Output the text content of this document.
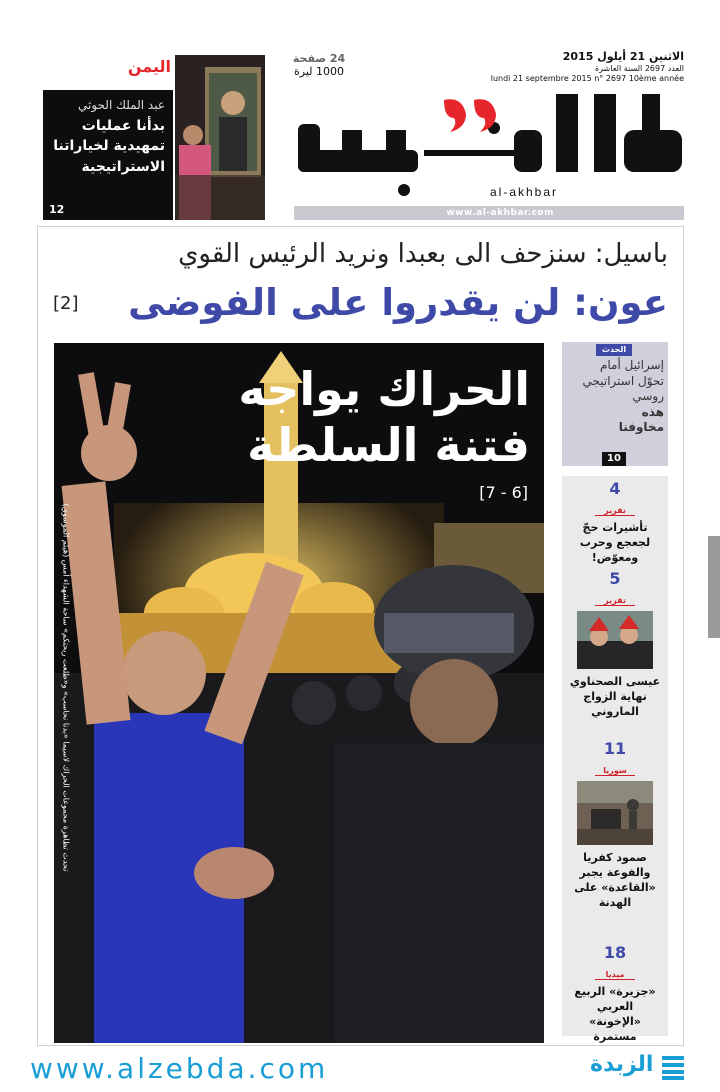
الاثنين 21 أيلول 2015
العدد 2697 السنة العاشرة
lundi 21 septembre 2015 n° 2697 10ème année
24 صفحة
1000 ليرة
al-akhbar
www.al-akhbar.com
اليمن
عبد الملك الحوثي
بدأنا عمليات
تمهيدية لخياراتنا
الاستراتيجية
12
باسيل: سنزحف الى بعبدا ونريد الرئيس القوي
عون: لن يقدروا على الفوضى
[2]
الحراك يواجه
فتنة السلطة
[7 - 6]
تحدث تظاهرة مجموعات الحراك لاسيما «بدنا نحاسب» و«طلعت ريحتكم» ساحة الشهداء أمس (هيثم الموسوي)
الحدث
إسرائيل أمام
تحوّل استراتيجي
روسي
هذه
مخاوفنا
10
4
تقرير
تأشيرات حجّ
لجعجع وحرب
ومعوّض!
5
تقرير
عيسى الصحناوي
نهاية الزواج
الماروني
11
سوريا
صمود كفريا
والفوعة يجبر
«القاعدة» على
الهدنة
18
ميديا
«جزيرة» الربيع
العربي
«الإخونة»
مستمرة
www.alzebda.com	الزبدة
